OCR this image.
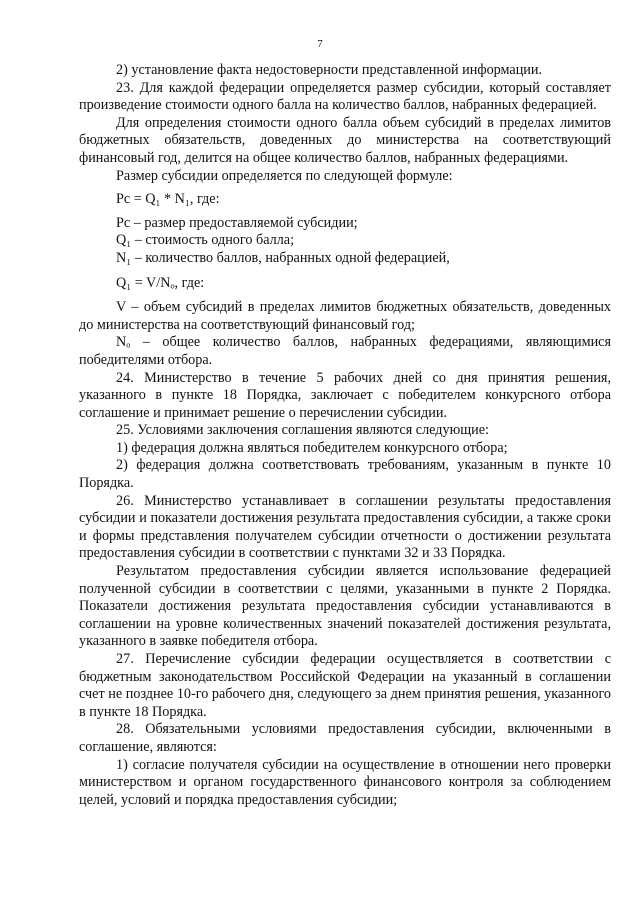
7

2) установление факта недостоверности представленной информации.

23. Для каждой федерации определяется размер субсидии, который составляет произведение стоимости одного балла на количество баллов, набранных федерацией.

Для определения стоимости одного балла объем субсидий в пределах лимитов бюджетных обязательств, доведенных до министерства на соответствующий финансовый год, делится на общее количество баллов, набранных федерациями.

Размер субсидии определяется по следующей формуле:

Рс = Q₁ * N₁, где:

Рс – размер предоставляемой субсидии;

Q₁ – стоимость одного балла;

N₁ – количество баллов, набранных одной федерацией,

Q₁ = V/Nₒ, где:

V – объем субсидий в пределах лимитов бюджетных обязательств, доведенных до министерства на соответствующий финансовый год;

Nₒ – общее количество баллов, набранных федерациями, являющимися победителями отбора.

24. Министерство в течение 5 рабочих дней со дня принятия решения, указанного в пункте 18 Порядка, заключает с победителем конкурсного отбора соглашение и принимает решение о перечислении субсидии.

25. Условиями заключения соглашения являются следующие:

1) федерация должна являться победителем конкурсного отбора;

2) федерация должна соответствовать требованиям, указанным в пункте 10 Порядка.

26. Министерство устанавливает в соглашении результаты предоставления субсидии и показатели достижения результата предоставления субсидии, а также сроки и формы представления получателем субсидии отчетности о достижении результата предоставления субсидии в соответствии с пунктами 32 и 33 Порядка.

Результатом предоставления субсидии является использование федерацией полученной субсидии в соответствии с целями, указанными в пункте 2 Порядка. Показатели достижения результата предоставления субсидии устанавливаются в соглашении на уровне количественных значений показателей достижения результата, указанного в заявке победителя отбора.

27. Перечисление субсидии федерации осуществляется в соответствии с бюджетным законодательством Российской Федерации на указанный в соглашении счет не позднее 10-го рабочего дня, следующего за днем принятия решения, указанного в пункте 18 Порядка.

28. Обязательными условиями предоставления субсидии, включенными в соглашение, являются:

1) согласие получателя субсидии на осуществление в отношении него проверки министерством и органом государственного финансового контроля за соблюдением целей, условий и порядка предоставления субсидии;
